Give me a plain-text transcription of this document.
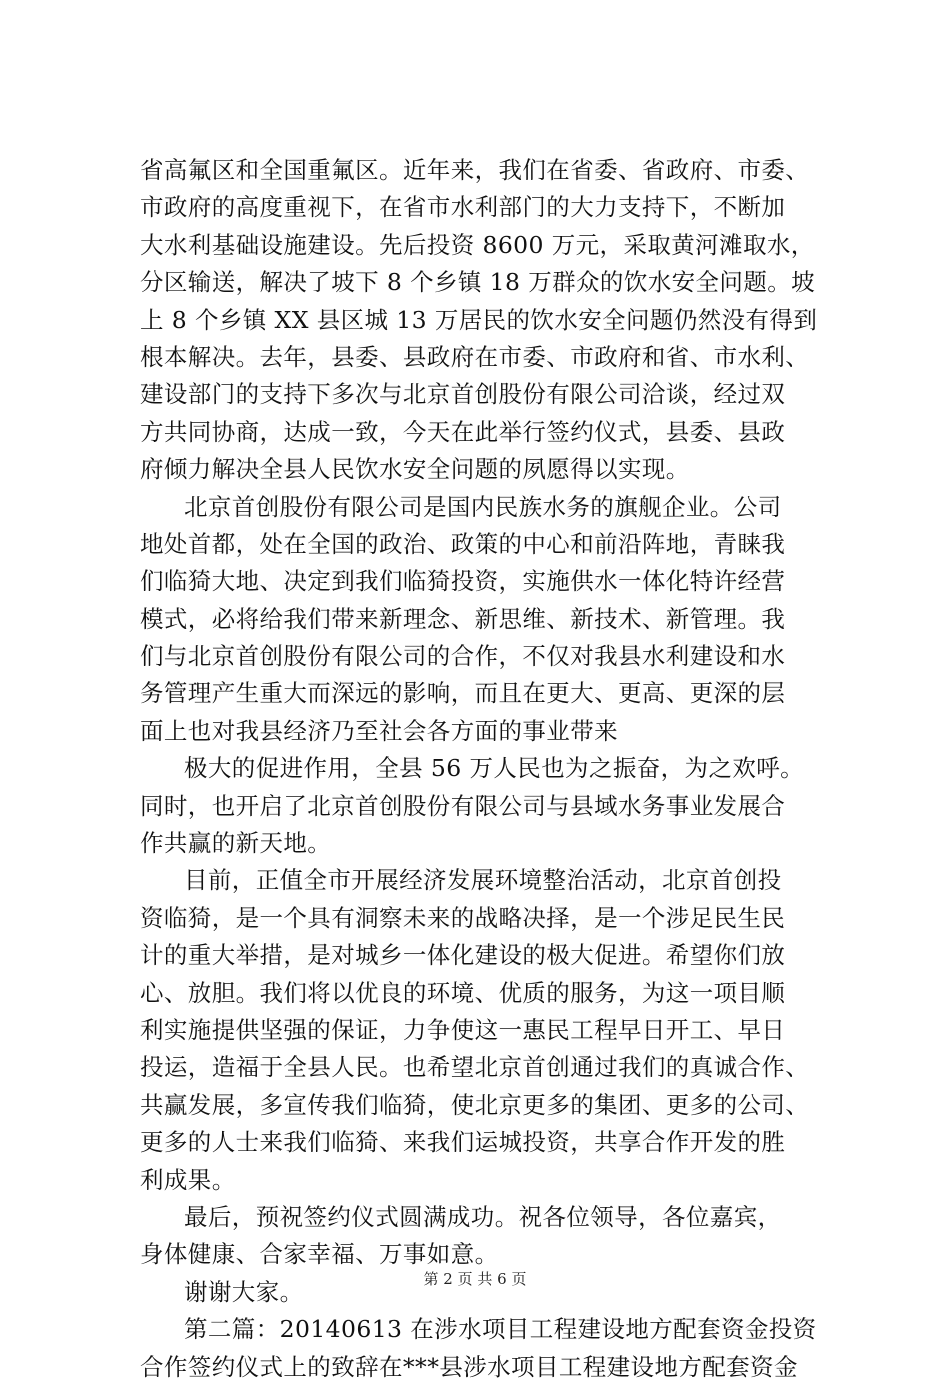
省高氟区和全国重氟区。近年来，我们在省委、省政府、市委、
市政府的高度重视下，在省市水利部门的大力支持下，不断加
大水利基础设施建设。先后投资 8600 万元，采取黄河滩取水，
分区输送，解决了坡下 8 个乡镇 18 万群众的饮水安全问题。坡
上 8 个乡镇 XX 县区城 13 万居民的饮水安全问题仍然没有得到
根本解决。去年，县委、县政府在市委、市政府和省、市水利、
建设部门的支持下多次与北京首创股份有限公司洽谈，经过双
方共同协商，达成一致，今天在此举行签约仪式，县委、县政
府倾力解决全县人民饮水安全问题的夙愿得以实现。
北京首创股份有限公司是国内民族水务的旗舰企业。公司
地处首都，处在全国的政治、政策的中心和前沿阵地，青睐我
们临猗大地、决定到我们临猗投资，实施供水一体化特许经营
模式，必将给我们带来新理念、新思维、新技术、新管理。我
们与北京首创股份有限公司的合作，不仅对我县水利建设和水
务管理产生重大而深远的影响，而且在更大、更高、更深的层
面上也对我县经济乃至社会各方面的事业带来
极大的促进作用，全县 56 万人民也为之振奋，为之欢呼。
同时，也开启了北京首创股份有限公司与县域水务事业发展合
作共赢的新天地。
目前，正值全市开展经济发展环境整治活动，北京首创投
资临猗，是一个具有洞察未来的战略决择，是一个涉足民生民
计的重大举措，是对城乡一体化建设的极大促进。希望你们放
心、放胆。我们将以优良的环境、优质的服务，为这一项目顺
利实施提供坚强的保证，力争使这一惠民工程早日开工、早日
投运，造福于全县人民。也希望北京首创通过我们的真诚合作、
共赢发展，多宣传我们临猗，使北京更多的集团、更多的公司、
更多的人士来我们临猗、来我们运城投资，共享合作开发的胜
利成果。
最后，预祝签约仪式圆满成功。祝各位领导，各位嘉宾，
身体健康、合家幸福、万事如意。
谢谢大家。
第二篇：20140613 在涉水项目工程建设地方配套资金投资
合作签约仪式上的致辞在***县涉水项目工程建设地方配套资金
第 2 页 共 6 页
